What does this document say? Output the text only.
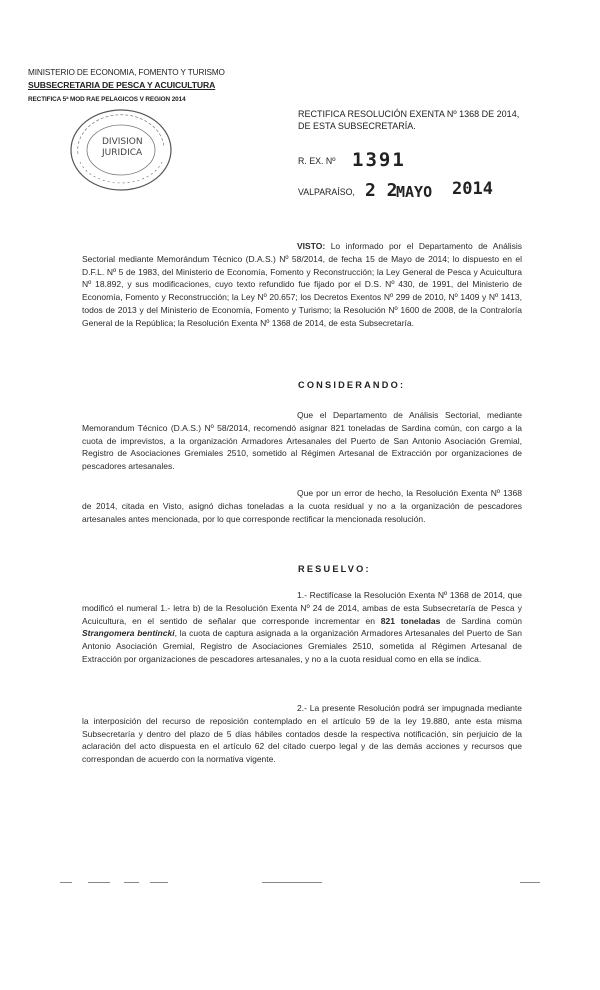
MINISTERIO DE ECONOMIA, FOMENTO Y TURISMO
SUBSECRETARIA DE PESCA Y ACUICULTURA
RECTIFICA 5ª MOD RAE PELAGICOS V REGION 2014
DIVISION
JURIDICA
RECTIFICA RESOLUCIÓN EXENTA Nº 1368 DE 2014,
DE ESTA SUBSECRETARÍA.
R. EX. Nº 1391
VALPARAÍSO, 2 2
MAYO 2014
VISTO: Lo informado por el Departamento de Análisis Sectorial mediante Memorándum Técnico (D.A.S.) Nº 58/2014, de fecha 15 de Mayo de 2014; lo dispuesto en el D.F.L. Nº 5 de 1983, del Ministerio de Economía, Fomento y Reconstrucción; la Ley General de Pesca y Acuicultura Nº 18.892, y sus modificaciones, cuyo texto refundido fue fijado por el D.S. Nº 430, de 1991, del Ministerio de Economía, Fomento y Reconstrucción; la Ley Nº 20.657; los Decretos Exentos Nº 299 de 2010, Nº 1409 y Nº 1413, todos de 2013 y del Ministerio de Economía, Fomento y Turismo; la Resolución Nº 1600 de 2008, de la Contraloría General de la República; la Resolución Exenta Nº 1368 de 2014, de esta Subsecretaría.
CONSIDERANDO:
Que el Departamento de Análisis Sectorial, mediante Memorandum Técnico (D.A.S.) Nº 58/2014, recomendó asignar 821 toneladas de Sardina común, con cargo a la cuota de imprevistos, a la organización Armadores Artesanales del Puerto de San Antonio Asociación Gremial, Registro de Asociaciones Gremiales 2510, sometido al Régimen Artesanal de Extracción por organizaciones de pescadores artesanales.
Que por un error de hecho, la Resolución Exenta Nº 1368 de 2014, citada en Visto, asignó dichas toneladas a la cuota residual y no a la organización de pescadores artesanales antes mencionada, por lo que corresponde rectificar la mencionada resolución.
RESUELVO:
1.- Rectifícase la Resolución Exenta Nº 1368 de 2014, que modificó el numeral 1.- letra b) de la Resolución Exenta Nº 24 de 2014, ambas de esta Subsecretaría de Pesca y Acuicultura, en el sentido de señalar que corresponde incrementar en 821 toneladas de Sardina común Strangomera bentincki, la cuota de captura asignada a la organización Armadores Artesanales del Puerto de San Antonio Asociación Gremial, Registro de Asociaciones Gremiales 2510, sometida al Régimen Artesanal de Extracción por organizaciones de pescadores artesanales, y no a la cuota residual como en ella se indica.
2.- La presente Resolución podrá ser impugnada mediante la interposición del recurso de reposición contemplado en el artículo 59 de la ley 19.880, ante esta misma Subsecretaría y dentro del plazo de 5 días hábiles contados desde la respectiva notificación, sin perjuicio de la aclaración del acto dispuesta en el artículo 62 del citado cuerpo legal y de las demás acciones y recursos que correspondan de acuerdo con la normativa vigente.
